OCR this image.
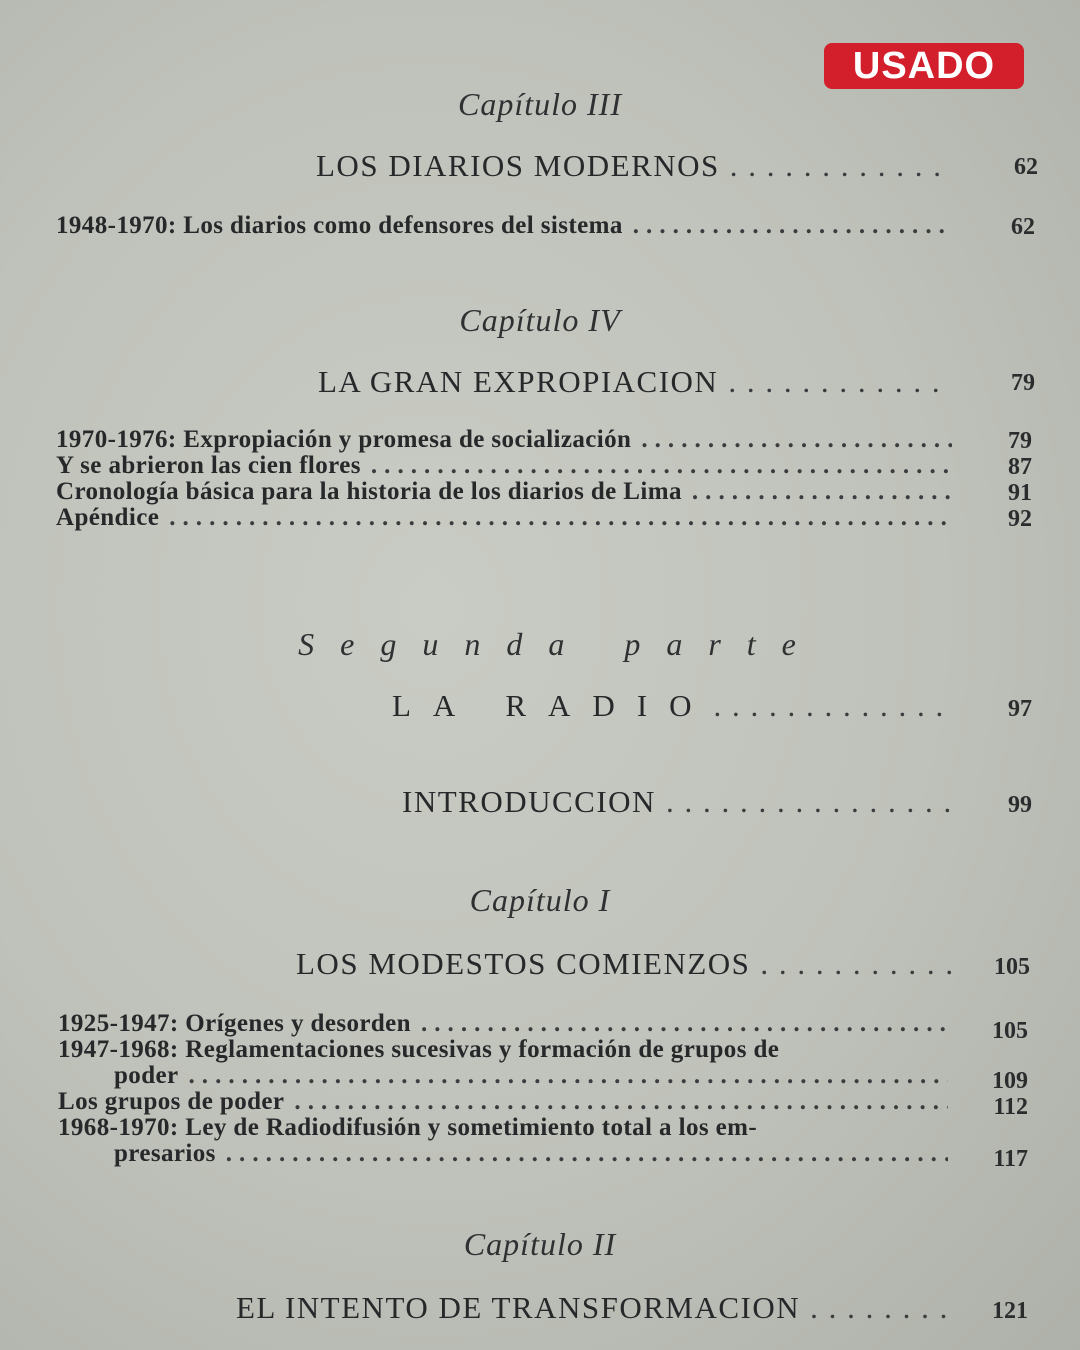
USADO
Capítulo III
LOS DIARIOS MODERNOS . . .	62
1948-1970: Los diarios como defensores del sistema . . .	62
Capítulo IV
LA GRAN EXPROPIACION . . .	79
1970-1976: Expropiación y promesa de socialización . . .	79
Y se abrieron las cien flores . . .	87
Cronología básica para la historia de los diarios de Lima . . .	91
Apéndice . . .	92
Segunda parte
LA RADIO . . .	97
INTRODUCCION . . .	99
Capítulo I
LOS MODESTOS COMIENZOS . . .	105
1925-1947: Orígenes y desorden . . .	105
1947-1968: Reglamentaciones sucesivas y formación de grupos de
poder . . .	109
Los grupos de poder . . .	112
1968-1970: Ley de Radiodifusión y sometimiento total a los em-
presarios . . .	117
Capítulo II
EL INTENTO DE TRANSFORMACION . . .	121
